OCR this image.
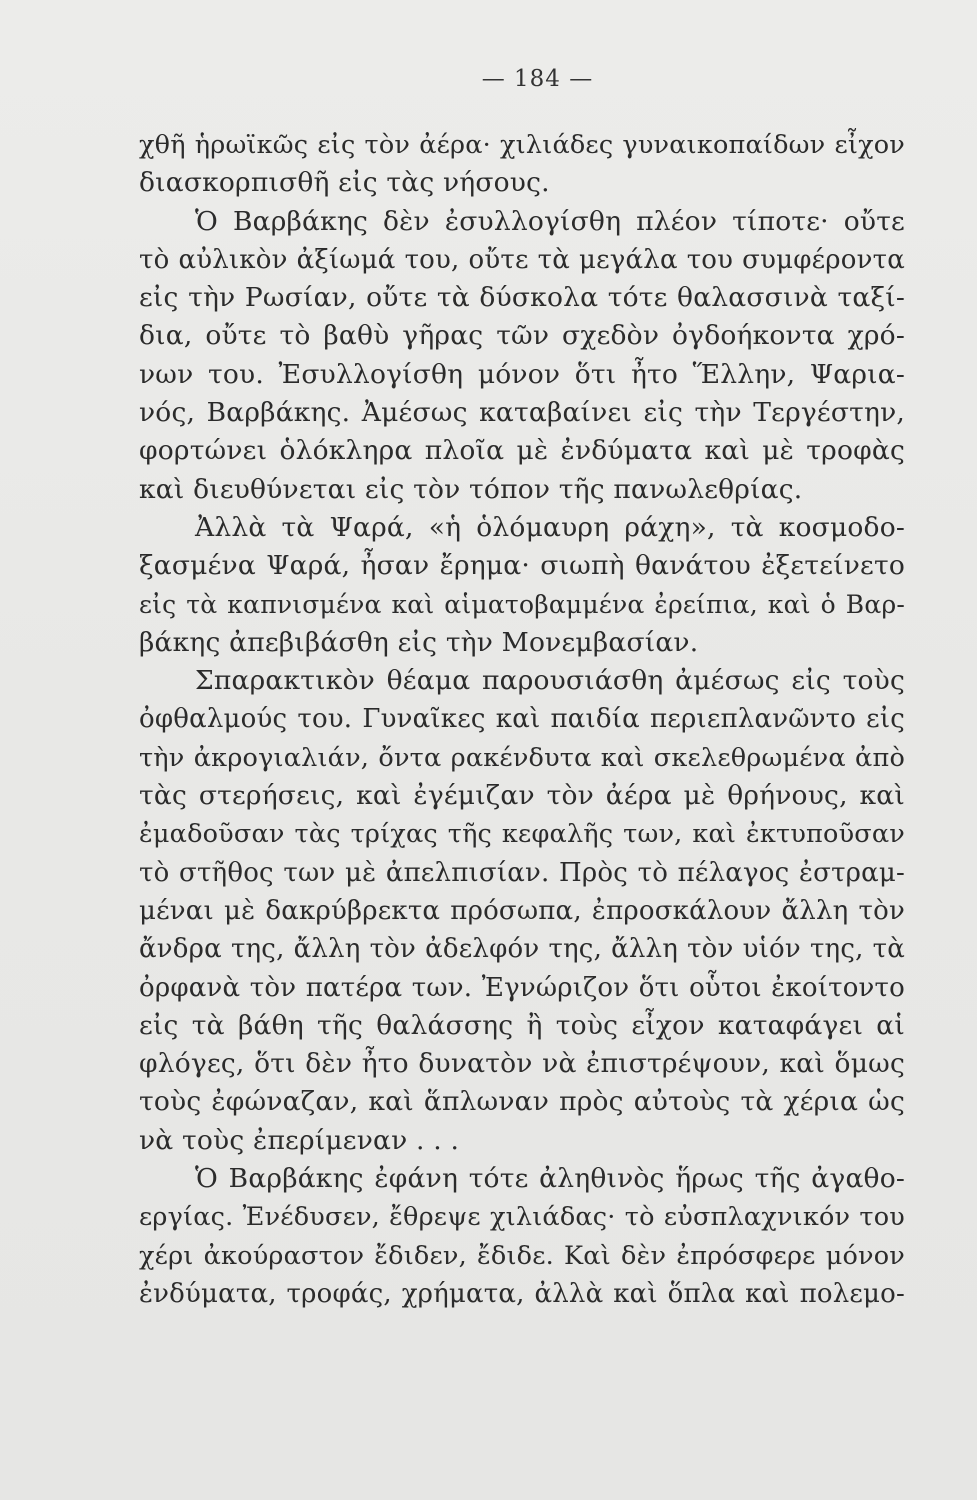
— 184 —
χθῆ ἡρωϊκῶς εἰς τὸν ἀέρα· χιλιάδες γυναικοπαίδων εἶχον
διασκορπισθῆ εἰς τὰς νήσους.
Ὁ Βαρβάκης δὲν ἐσυλλογίσθη πλέον τίποτε· οὔτε
τὸ αὐλικὸν ἀξίωμά του, οὔτε τὰ μεγάλα του συμφέροντα
εἰς τὴν Ρωσίαν, οὔτε τὰ δύσκολα τότε θαλασσινὰ ταξί-
δια, οὔτε τὸ βαθὺ γῆρας τῶν σχεδὸν ὀγδοήκοντα χρό-
νων του. Ἐσυλλογίσθη μόνον ὅτι ἦτο Ἕλλην, Ψαρια-
νός, Βαρβάκης. Ἀμέσως καταβαίνει εἰς τὴν Τεργέστην,
φορτώνει ὁλόκληρα πλοῖα μὲ ἐνδύματα καὶ μὲ τροφὰς
καὶ διευθύνεται εἰς τὸν τόπον τῆς πανωλεθρίας.
Ἀλλὰ τὰ Ψαρά, «ἡ ὁλόμαυρη ράχη», τὰ κοσμοδο-
ξασμένα Ψαρά, ἦσαν ἔρημα· σιωπὴ θανάτου ἐξετείνετο
εἰς τὰ καπνισμένα καὶ αἱματοβαμμένα ἐρείπια, καὶ ὁ Βαρ-
βάκης ἀπεβιβάσθη εἰς τὴν Μονεμβασίαν.
Σπαρακτικὸν θέαμα παρουσιάσθη ἀμέσως εἰς τοὺς
ὀφθαλμούς του. Γυναῖκες καὶ παιδία περιεπλανῶντο εἰς
τὴν ἀκρογιαλιάν, ὄντα ρακένδυτα καὶ σκελεθρωμένα ἀπὸ
τὰς στερήσεις, καὶ ἐγέμιζαν τὸν ἀέρα μὲ θρήνους, καὶ
ἐμαδοῦσαν τὰς τρίχας τῆς κεφαλῆς των, καὶ ἐκτυποῦσαν
τὸ στῆθος των μὲ ἀπελπισίαν. Πρὸς τὸ πέλαγος ἐστραμ-
μέναι μὲ δακρύβρεκτα πρόσωπα, ἐπροσκάλουν ἄλλη τὸν
ἄνδρα της, ἄλλη τὸν ἀδελφόν της, ἄλλη τὸν υἱόν της, τὰ
ὀρφανὰ τὸν πατέρα των. Ἐγνώριζον ὅτι οὗτοι ἐκοίτοντο
εἰς τὰ βάθη τῆς θαλάσσης ἢ τοὺς εἶχον καταφάγει αἱ
φλόγες, ὅτι δὲν ἦτο δυνατὸν νὰ ἐπιστρέψουν, καὶ ὅμως
τοὺς ἐφώναζαν, καὶ ἅπλωναν πρὸς αὐτοὺς τὰ χέρια ὡς
νὰ τοὺς ἐπερίμεναν . . .
Ὁ Βαρβάκης ἐφάνη τότε ἀληθινὸς ἥρως τῆς ἀγαθο-
εργίας. Ἐνέδυσεν, ἔθρεψε χιλιάδας· τὸ εὐσπλαχνικόν του
χέρι ἀκούραστον ἔδιδεν, ἔδιδε. Καὶ δὲν ἐπρόσφερε μόνον
ἐνδύματα, τροφάς, χρήματα, ἀλλὰ καὶ ὅπλα καὶ πολεμο-
